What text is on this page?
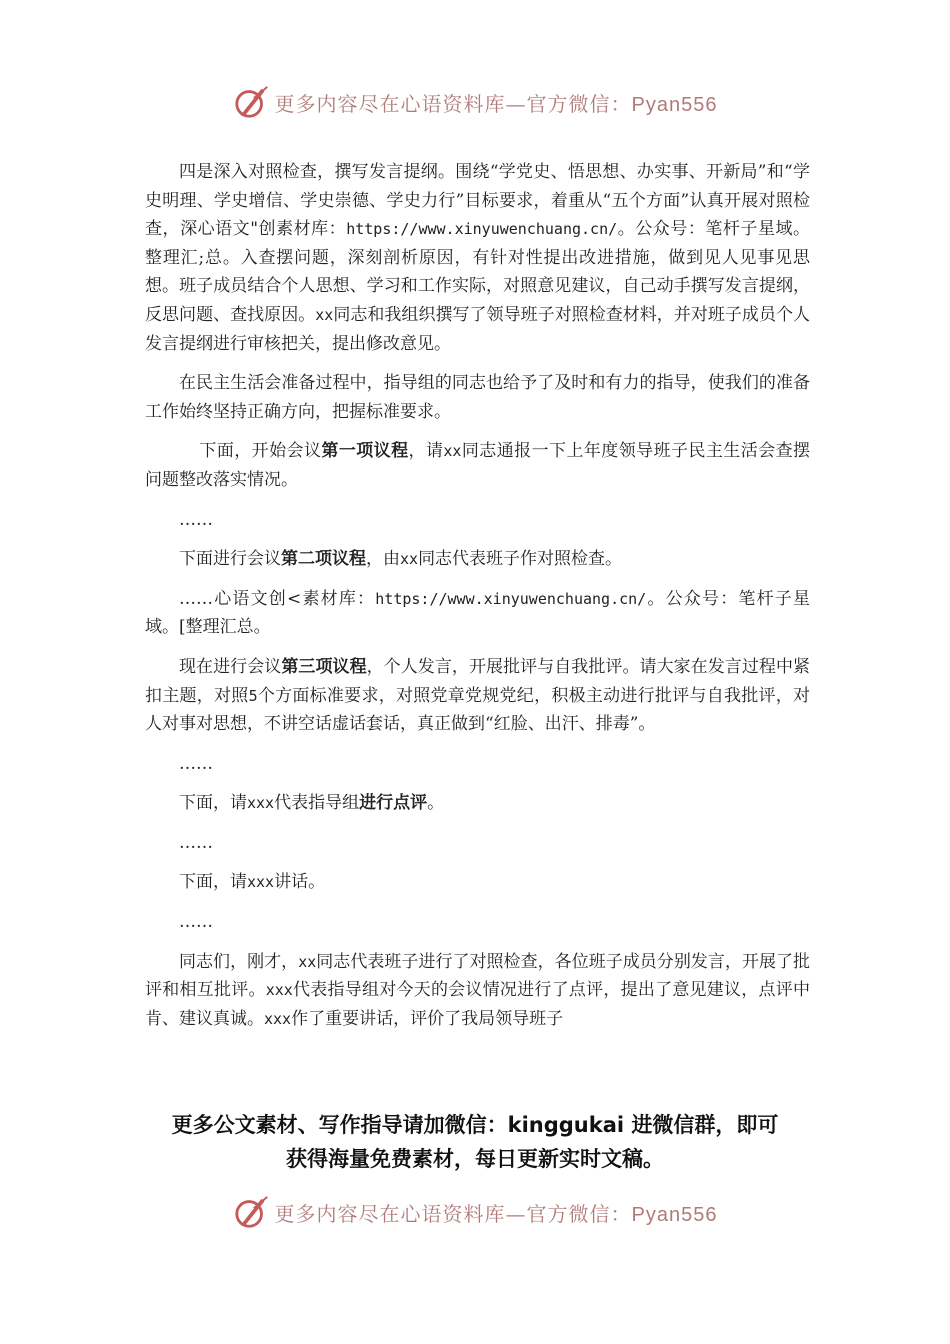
更多内容尽在心语资料库—官方微信：Pyan556

四是深入对照检查，撰写发言提纲。围绕“学党史、悟思想、办实事、开新局”和“学史明理、学史增信、学史崇德、学史力行”目标要求，着重从“五个方面”认真开展对照检查，深心语文"创素材库：https://www.xinyuwenchuang.cn/。公众号：笔杆子星域。整理汇;总。入查摆问题，深刻剖析原因，有针对性提出改进措施，做到见人见事见思想。班子成员结合个人思想、学习和工作实际，对照意见建议，自己动手撰写发言提纲，反思问题、查找原因。xx同志和我组织撰写了领导班子对照检查材料，并对班子成员个人发言提纲进行审核把关，提出修改意见。

在民主生活会准备过程中，指导组的同志也给予了及时和有力的指导，使我们的准备工作始终坚持正确方向，把握标准要求。

下面，开始会议第一项议程，请xx同志通报一下上年度领导班子民主生活会查摆问题整改落实情况。

……

下面进行会议第二项议程，由xx同志代表班子作对照检查。

……心语文创<素材库：https://www.xinyuwenchuang.cn/。公众号：笔杆子星域。[整理汇总。

现在进行会议第三项议程，个人发言，开展批评与自我批评。请大家在发言过程中紧扣主题，对照5个方面标准要求，对照党章党规党纪，积极主动进行批评与自我批评，对人对事对思想，不讲空话虚话套话，真正做到“红脸、出汗、排毒”。

……

下面，请xxx代表指导组进行点评。

……

下面，请xxx讲话。

……

同志们，刚才，xx同志代表班子进行了对照检查，各位班子成员分别发言，开展了批评和相互批评。xxx代表指导组对今天的会议情况进行了点评，提出了意见建议，点评中肯、建议真诚。xxx作了重要讲话，评价了我局领导班子

更多公文素材、写作指导请加微信：kinggukai 进微信群，即可
获得海量免费素材，每日更新实时文稿。
更多内容尽在心语资料库—官方微信：Pyan556
